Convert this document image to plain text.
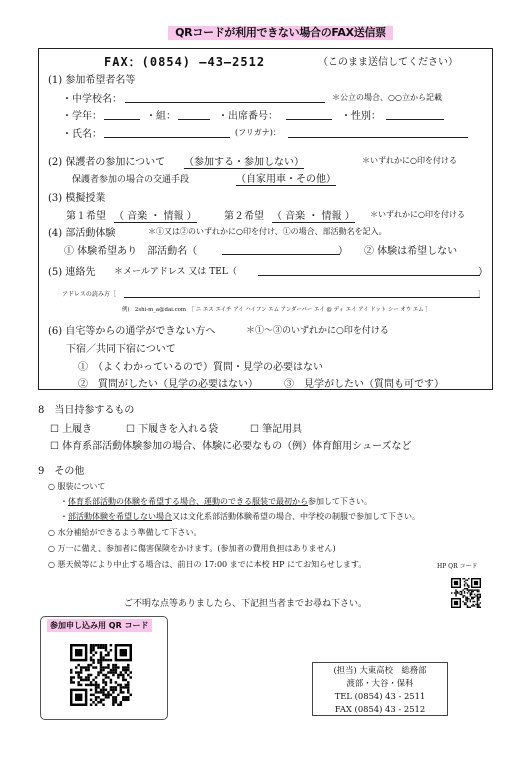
QRコードが利用できない場合のFAX送信票
FAX：(0854) ―43―2512	（このまま送信してください）
(1) 参加希望者名等
・中学校名：	＊公立の場合、○○立から記載
・学年：	・組：	・出席番号：	・性別：
・氏名：	(フリガナ)：
(2) 保護者の参加について （参加する・参加しない）	＊いずれかに○印を付ける
保護者参加の場合の交通手段	（自家用車・その他）
(3) 模擬授業
第１希望 （ 音楽 ・ 情報 ）	第２希望 （ 音楽 ・ 情報 ） ＊いずれかに○印を付ける
(4) 部活動体験	＊①又は②のいずれかに○印を付け、①の場合、部活動名を記入。
① 体験希望あり　部活動名（	） ② 体験は希望しない
(5) 連絡先 ＊メールアドレス 又は TEL（	）
アドレスの読み方［	］
例)　2shi-m_a@dai.com　［ ニ エス エイチ アイ ハイフン エム アンダーバー エイ @ ディ エイ アイ ドット シー オウ エム ］
(6) 自宅等からの通学ができない方へ	＊①～③のいずれかに○印を付ける
下宿／共同下宿について
①　（よくわかっているので）質問・見学の必要はない
②　質問がしたい（見学の必要はない）	③　見学がしたい（質問も可です）
8　当日持参するもの
☐ 上履き	☐ 下履きを入れる袋	☐ 筆記用具
☐ 体育系部活動体験参加の場合、体験に必要なもの（例）体育館用シューズなど
9　その他
○ 服装について
・体育系部活動の体験を希望する場合、運動のできる服装で最初から参加して下さい。
・部活動体験を希望しない場合又は文化系部活動体験希望の場合、中学校の制服で参加して下さい。
○ 水分補給ができるよう準備して下さい。
○ 万一に備え、参加者に傷害保険をかけます。(参加者の費用負担はありません)
○ 悪天候等により中止する場合は、前日の 17:00 までに本校 HP にてお知らせします。	HP QR コード
ご不明な点等ありましたら、下記担当者までお尋ね下さい。
参加申し込み用 QR コード
(担当) 大東高校　総務部
渡部・大谷・保科
TEL (0854) 43 - 2511
FAX (0854) 43 - 2512
